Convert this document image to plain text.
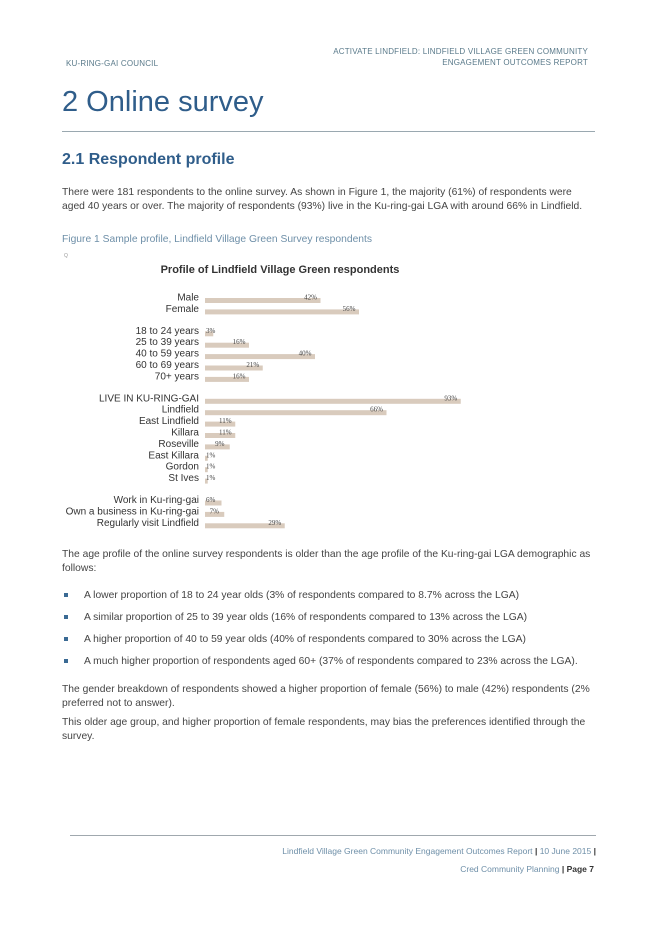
KU-RING-GAI COUNCIL
ACTIVATE LINDFIELD: LINDFIELD VILLAGE GREEN COMMUNITY
ENGAGEMENT OUTCOMES REPORT
2 Online survey
2.1 Respondent profile
There were 181 respondents to the online survey. As shown in Figure 1, the majority (61%) of respondents were aged 40 years or over. The majority of respondents (93%) live in the Ku-ring-gai LGA with around 66% in Lindfield.
Figure 1 Sample profile, Lindfield Village Green Survey respondents
Q
Profile of Lindfield Village Green respondents
Male	42%
Female	56%
18 to 24 years 3%
25 to 39 years	16%
40 to 59 years	40%
60 to 69 years	21%
70+ years	16%
LIVE IN KU-RING-GAI	93%
Lindfield	66%
East Lindfield	11%
Killara	11%
Roseville 9%
East Killara 1%
Gordon 1%
St Ives 1%
Work in Ku-ring-gai 6%
Own a business in Ku-ring-gai 7%
Regularly visit Lindfield	29%
The age profile of the online survey respondents is older than the age profile of the Ku-ring-gai LGA demographic as follows:
A lower proportion of 18 to 24 year olds (3% of respondents compared to 8.7% across the LGA)
A similar proportion of 25 to 39 year olds (16% of respondents compared to 13% across the LGA)
A higher proportion of 40 to 59 year olds (40% of respondents compared to 30% across the LGA)
A much higher proportion of respondents aged 60+ (37% of respondents compared to 23% across the LGA).
The gender breakdown of respondents showed a higher proportion of female (56%) to male (42%) respondents (2% preferred not to answer).
This older age group, and higher proportion of female respondents, may bias the preferences identified through the survey.
Lindfield Village Green Community Engagement Outcomes Report | 10 June 2015 |
Cred Community Planning | Page 7
